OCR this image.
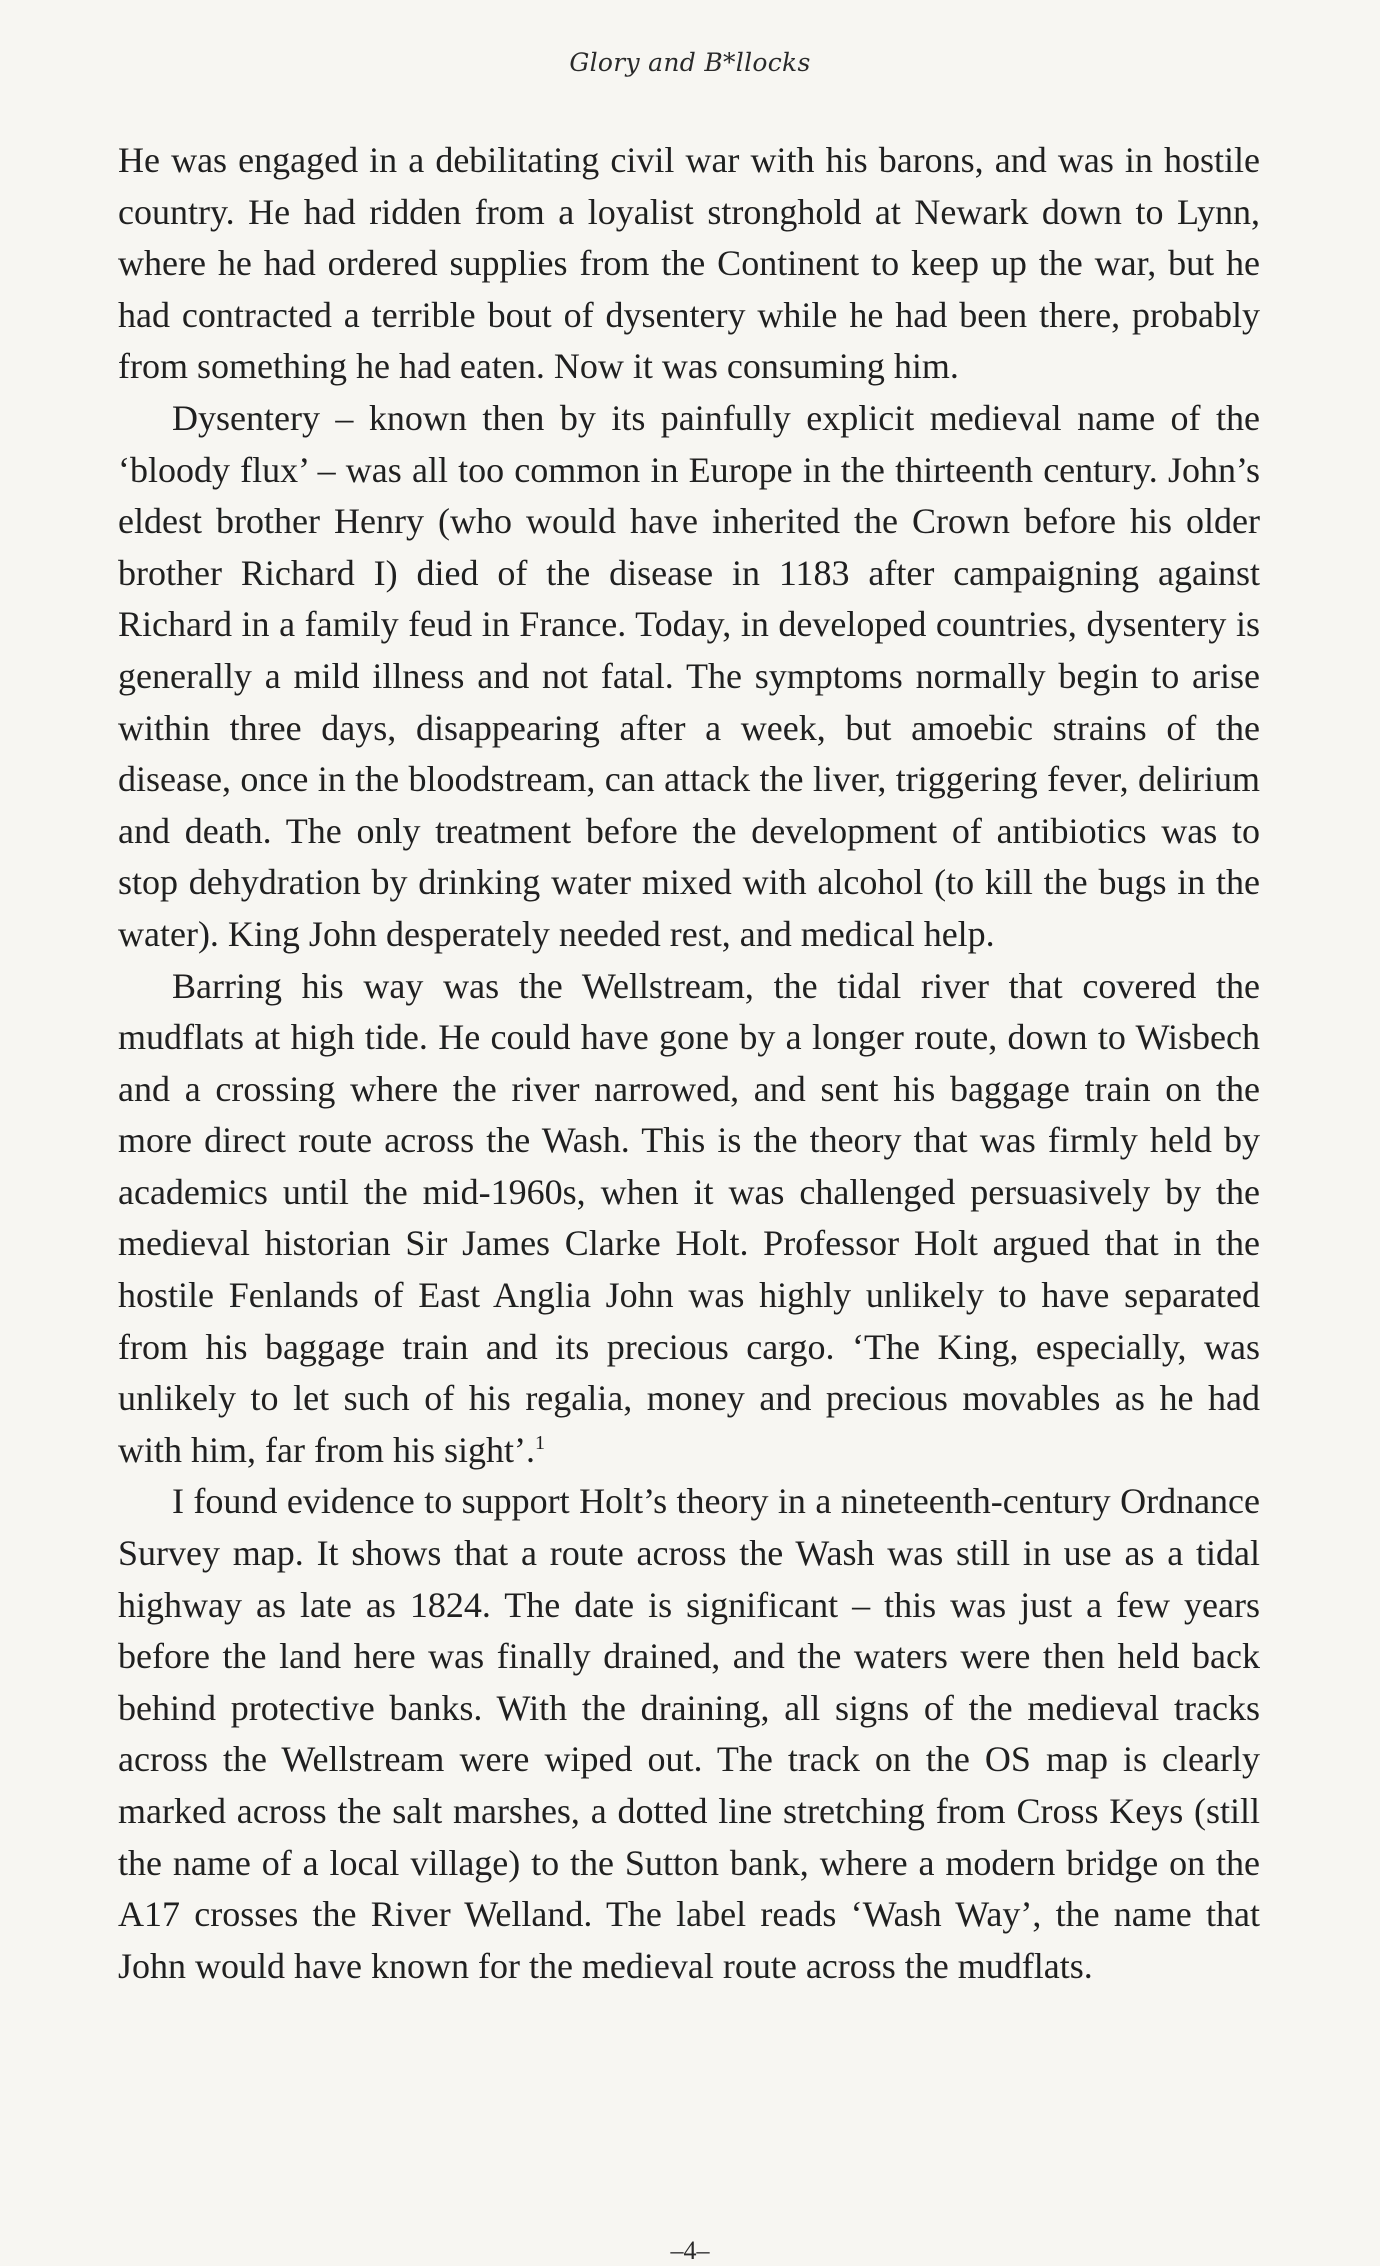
Glory and B*llocks

He was engaged in a debilitating civil war with his barons, and was in hostile country. He had ridden from a loyalist stronghold at Newark down to Lynn, where he had ordered supplies from the Continent to keep up the war, but he had contracted a terrible bout of dysentery while he had been there, probably from something he had eaten. Now it was consuming him.

Dysentery – known then by its painfully explicit medieval name of the ‘bloody flux’ – was all too common in Europe in the thirteenth century. John’s eldest brother Henry (who would have inherited the Crown before his older brother Richard I) died of the disease in 1183 after campaigning against Richard in a family feud in France. Today, in developed countries, dysentery is generally a mild illness and not fatal. The symptoms normally begin to arise within three days, disappearing after a week, but amoebic strains of the disease, once in the bloodstream, can attack the liver, triggering fever, delirium and death. The only treatment before the development of antibiotics was to stop dehydration by drinking water mixed with alcohol (to kill the bugs in the water). King John desperately needed rest, and medical help.

Barring his way was the Wellstream, the tidal river that covered the mudflats at high tide. He could have gone by a longer route, down to Wisbech and a crossing where the river narrowed, and sent his baggage train on the more direct route across the Wash. This is the theory that was firmly held by academics until the mid-1960s, when it was challenged persuasively by the medieval historian Sir James Clarke Holt. Professor Holt argued that in the hostile Fenlands of East Anglia John was highly unlikely to have separated from his baggage train and its precious cargo. ‘The King, especially, was unlikely to let such of his regalia, money and precious movables as he had with him, far from his sight’.$^1$

I found evidence to support Holt’s theory in a nineteenth-century Ordnance Survey map. It shows that a route across the Wash was still in use as a tidal highway as late as 1824. The date is significant – this was just a few years before the land here was finally drained, and the waters were then held back behind protective banks. With the draining, all signs of the medieval tracks across the Wellstream were wiped out. The track on the OS map is clearly marked across the salt marshes, a dotted line stretching from Cross Keys (still the name of a local village) to the Sutton bank, where a modern bridge on the A17 crosses the River Welland. The label reads ‘Wash Way’, the name that John would have known for the medieval route across the mudflats.

–4–
